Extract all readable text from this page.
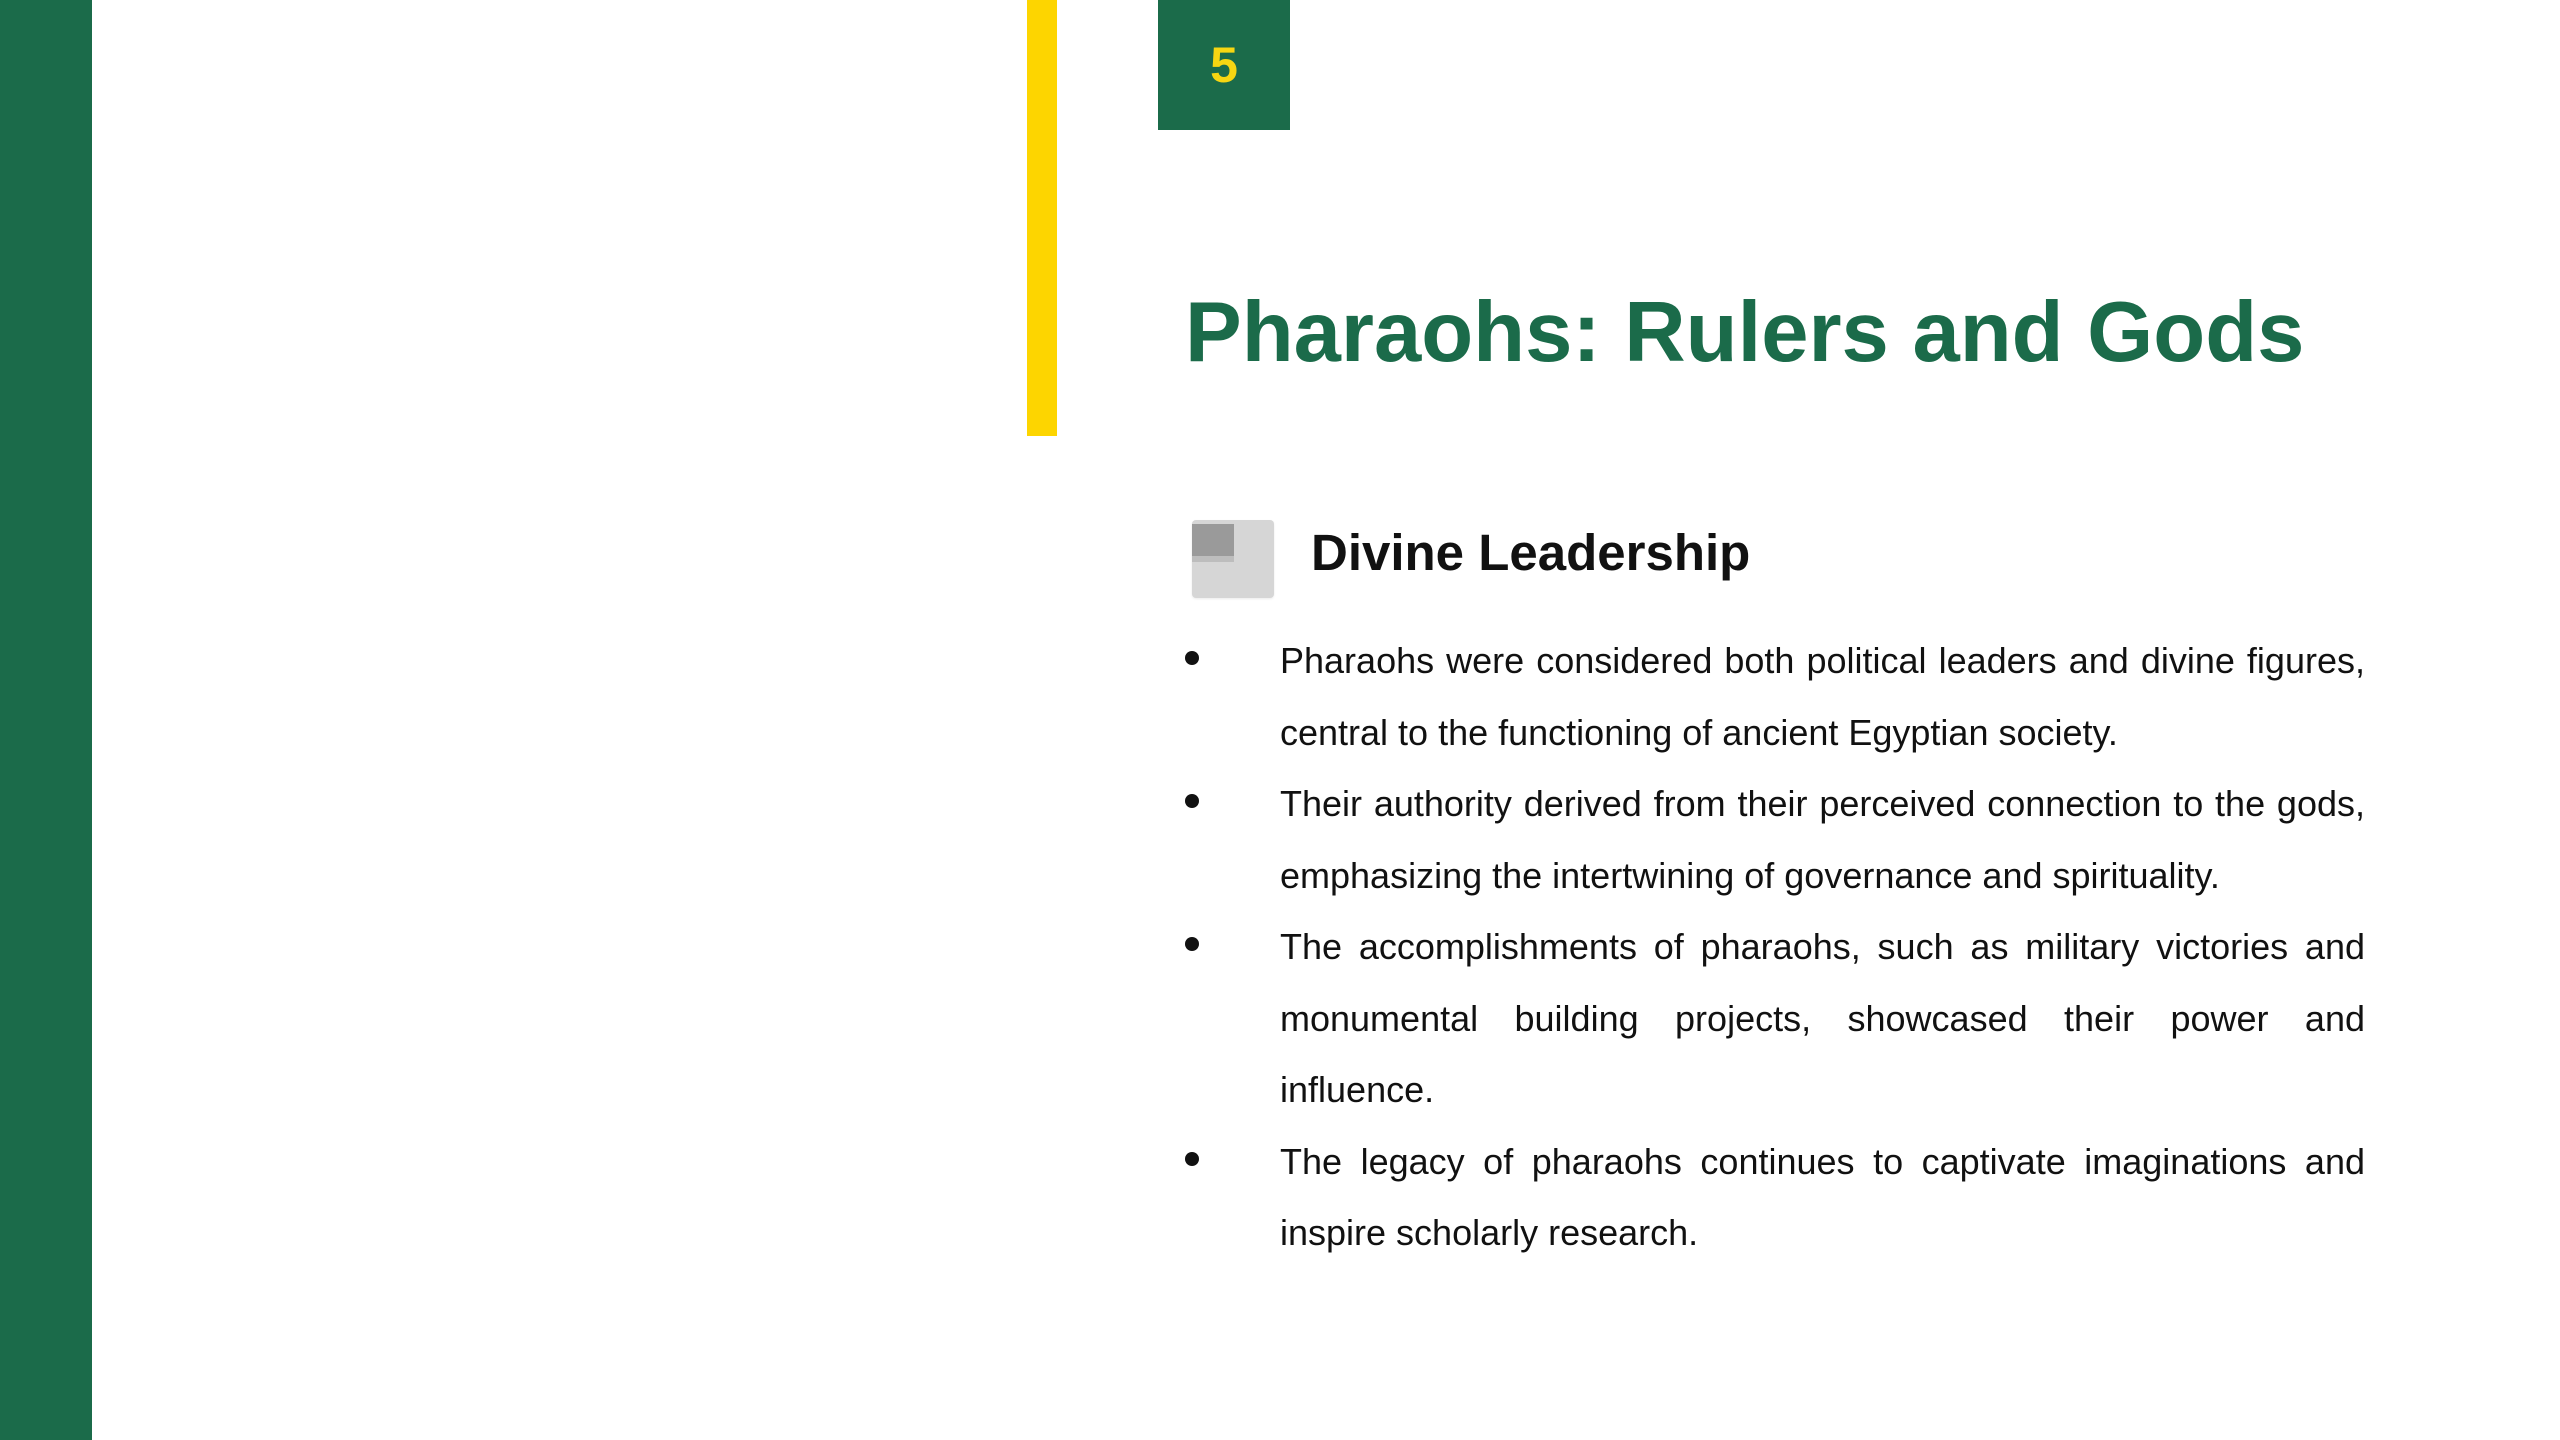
5
Pharaohs: Rulers and Gods
Divine Leadership
Pharaohs were considered both political leaders and divine figures, central to the functioning of ancient Egyptian society.
Their authority derived from their perceived connection to the gods, emphasizing the intertwining of governance and spirituality.
The accomplishments of pharaohs, such as military victories and monumental building projects, showcased their power and influence.
The legacy of pharaohs continues to captivate imaginations and inspire scholarly research.
